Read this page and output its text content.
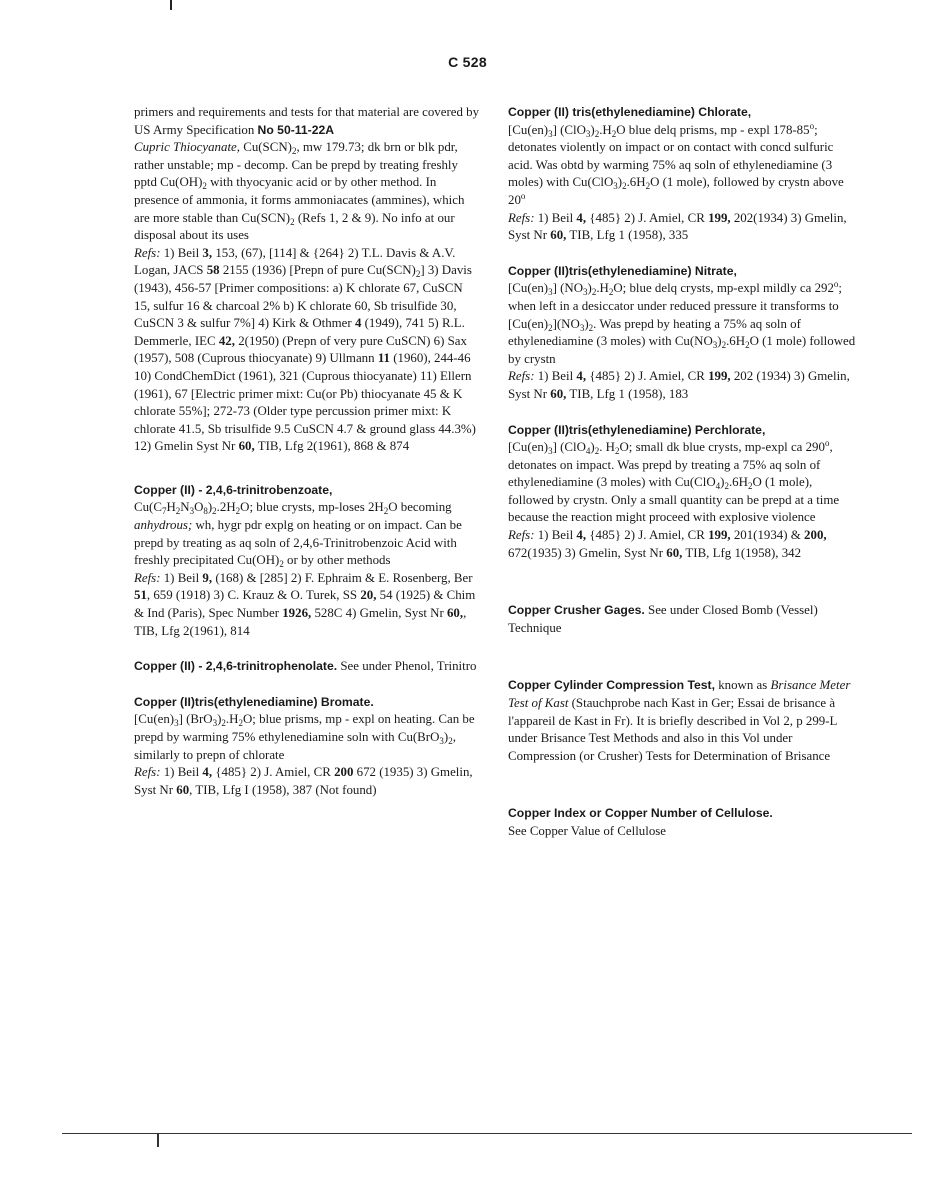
C 528
primers and requirements and tests for that material are covered by US Army Specification No 50-11-22A

Cupric Thiocyanate, $Cu(SCN)_2$, mw 179.73; dk brn or blk pdr, rather unstable; mp - decomp. Can be prepd by treating freshly pptd $Cu(OH)_2$ with thyocyanic acid or by other method. In presence of ammonia, it forms ammoniacates (ammines), which are more stable than $Cu(SCN)_2$ (Refs 1, 2 & 9). No info at our disposal about its uses

Refs: 1) Beil 3, 153, (67), [114] & {264} 2) T.L. Davis & A.V. Logan, JACS 58 2155 (1936) [Prepn of pure $Cu(SCN)_2$] 3) Davis (1943), 456-57 [Primer compositions: a) K chlorate 67, CuSCN 15, sulfur 16 & charcoal 2% b) K chlorate 60, Sb trisulfide 30, CuSCN 3 & sulfur 7%] 4) Kirk & Othmer 4 (1949), 741 5) R.L. Demmerle, IEC 42, 2(1950) (Prepn of very pure CuSCN) 6) Sax (1957), 508 (Cuprous thiocyanate) 9) Ullmann 11 (1960), 244-46 10) CondChemDict (1961), 321 (Cuprous thiocyanate) 11) Ellern (1961), 67 [Electric primer mixt: Cu(or Pb) thiocyanate 45 & K chlorate 55%]; 272-73 (Older type percussion primer mixt: K chlorate 41.5, Sb trisulfide 9.5 CuSCN 4.7 & ground glass 44.3%) 12) Gmelin Syst Nr 60, TIB, Lfg 2(1961), 868 & 874

Copper (II) - 2,4,6-trinitrobenzoate,

$Cu(C_7H_2N_3O_8)_2.2H_2O$; blue crysts, mp-loses $2H_2O$ becoming anhydrous; wh, hygr pdr explg on heating or on impact. Can be prepd by treating as aq soln of 2,4,6-Trinitrobenzoic Acid with freshly precipitated $Cu(OH)_2$ or by other methods

Refs: 1) Beil 9, (168) & [285] 2) F. Ephraim & E. Rosenberg, Ber 51, 659 (1918) 3) C. Krauz & O. Turek, SS 20, 54 (1925) & Chim & Ind (Paris), Spec Number 1926, 528C 4) Gmelin, Syst Nr 60,, TIB, Lfg 2(1961), 814

Copper (II) - 2,4,6-trinitrophenolate. See under Phenol, Trinitro

Copper (II)tris(ethylenediamine) Bromate.

$[Cu(en)_3]$ $(BrO_3)_2.H_2O$; blue prisms, mp - expl on heating. Can be prepd by warming 75% ethylenediamine soln with $Cu(BrO_3)_2$, similarly to prepn of chlorate

Refs: 1) Beil 4, {485} 2) J. Amiel, CR 200 672 (1935) 3) Gmelin, Syst Nr 60, TIB, Lfg I (1958), 387 (Not found)

Copper (II) tris(ethylenediamine) Chlorate,

$[Cu(en)_3]$ $(ClO_3)_2.H_2O$ blue delq prisms, mp - expl 178-85$^o$; detonates violently on impact or on contact with concd sulfuric acid. Was obtd by warming 75% aq soln of ethylenediamine (3 moles) with $Cu(ClO_3)_2.6H_2O$ (1 mole), followed by crystn above 20$^o$

Refs: 1) Beil 4, {485} 2) J. Amiel, CR 199, 202(1934) 3) Gmelin, Syst Nr 60, TIB, Lfg 1 (1958), 335

Copper (II)tris(ethylenediamine) Nitrate,

$[Cu(en)_3]$ $(NO_3)_2.H_2O$; blue delq crysts, mp-expl mildly ca 292$^o$; when left in a desiccator under reduced pressure it transforms to $[Cu(en)_2](NO_3)_2$. Was prepd by heating a 75% aq soln of ethylenediamine (3 moles) with $Cu(NO_3)_2.6H_2O$ (1 mole) followed by crystn

Refs: 1) Beil 4, {485} 2) J. Amiel, CR 199, 202 (1934) 3) Gmelin, Syst Nr 60, TIB, Lfg 1 (1958), 183

Copper (II)tris(ethylenediamine) Perchlorate,

$[Cu(en)_3]$ $(ClO_4)_2$. $H_2O$; small dk blue crysts, mp-expl ca 290$^o$, detonates on impact. Was prepd by treating a 75% aq soln of ethylenediamine (3 moles) with $Cu(ClO_4)_2.6H_2O$ (1 mole), followed by crystn. Only a small quantity can be prepd at a time because the reaction might proceed with explosive violence

Refs: 1) Beil 4, {485} 2) J. Amiel, CR 199, 201(1934) & 200, 672(1935) 3) Gmelin, Syst Nr 60, TIB, Lfg 1(1958), 342

Copper Crusher Gages. See under Closed Bomb (Vessel) Technique

Copper Cylinder Compression Test, known as Brisance Meter Test of Kast (Stauchprobe nach Kast in Ger; Essai de brisance à l'appareil de Kast in Fr). It is briefly described in Vol 2, p 299-L under Brisance Test Methods and also in this Vol under Compression (or Crusher) Tests for Determination of Brisance

Copper Index or Copper Number of Cellulose.

See Copper Value of Cellulose
